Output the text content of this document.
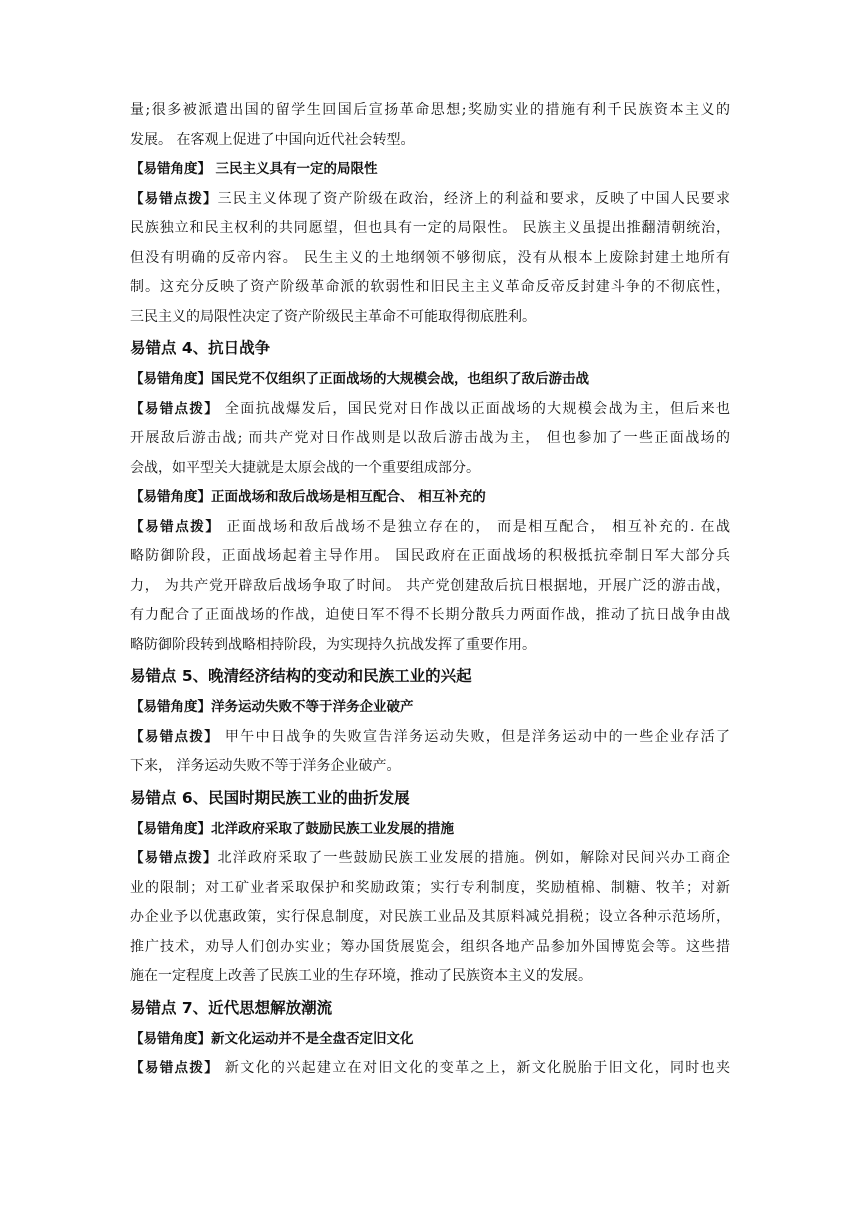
量;很多被派遣出国的留学生回国后宣扬革命思想;奖励实业的措施有利千民族资本主义的
发展。 在客观上促进了中国向近代社会转型。
【易错角度】 三民主义具有一定的局限性
【易错点拨】三民主义体现了资产阶级在政治，经济上的利益和要求，反映了中国人民要求
民族独立和民主权利的共同愿望，但也具有一定的局限性。 民族主义虽提出推翻清朝统治，
但没有明确的反帝内容。 民生主义的土地纲领不够彻底，没有从根本上废除封建土地所有
制。这充分反映了资产阶级革命派的软弱性和旧民主主义革命反帝反封建斗争的不彻底性，
三民主义的局限性决定了资产阶级民主革命不可能取得彻底胜利。
易错点 4、抗日战争
【易错角度】国民党不仅组织了正面战场的大规模会战，也组织了敌后游击战
【易错点拨】 全面抗战爆发后，国民党对日作战以正面战场的大规模会战为主，但后来也
开展敌后游击战; 而共产党对日作战则是以敌后游击战为主， 但也参加了一些正面战场的
会战，如平型关大捷就是太原会战的一个重要组成部分。
【易错角度】正面战场和敌后战场是相互配合、 相互补充的
【易错点拨】 正面战场和敌后战场不是独立存在的， 而是相互配合， 相互补充的. 在战
略防御阶段，正面战场起着主导作用。 国民政府在正面战场的积极抵抗牵制日军大部分兵
力， 为共产党开辟敌后战场争取了时间。 共产党创建敌后抗日根据地，开展广泛的游击战，
有力配合了正面战场的作战，迫使日军不得不长期分散兵力两面作战，推动了抗日战争由战
略防御阶段转到战略相持阶段，为实现持久抗战发挥了重要作用。
易错点 5、晚清经济结构的变动和民族工业的兴起
【易错角度】洋务运动失败不等于洋务企业破产
【易错点拨】 甲午中日战争的失败宣告洋务运动失败，但是洋务运动中的一些企业存活了
下来， 洋务运动失败不等于洋务企业破产。
易错点 6、民国时期民族工业的曲折发展
【易错角度】北洋政府采取了鼓励民族工业发展的措施
【易错点拨】北洋政府采取了一些鼓励民族工业发展的措施。例如，解除对民间兴办工商企
业的限制；对工矿业者采取保护和奖励政策；实行专利制度，奖励植棉、制糖、牧羊；对新
办企业予以优惠政策，实行保息制度，对民族工业品及其原料减兑捐税；设立各种示范场所，
推广技术，劝导人们创办实业；筹办国货展览会，组织各地产品参加外国博览会等。这些措
施在一定程度上改善了民族工业的生存环境，推动了民族资本主义的发展。
易错点 7、近代思想解放潮流
【易错角度】新文化运动并不是全盘否定旧文化
【易错点拨】 新文化的兴起建立在对旧文化的变革之上，新文化脱胎于旧文化，同时也夹
